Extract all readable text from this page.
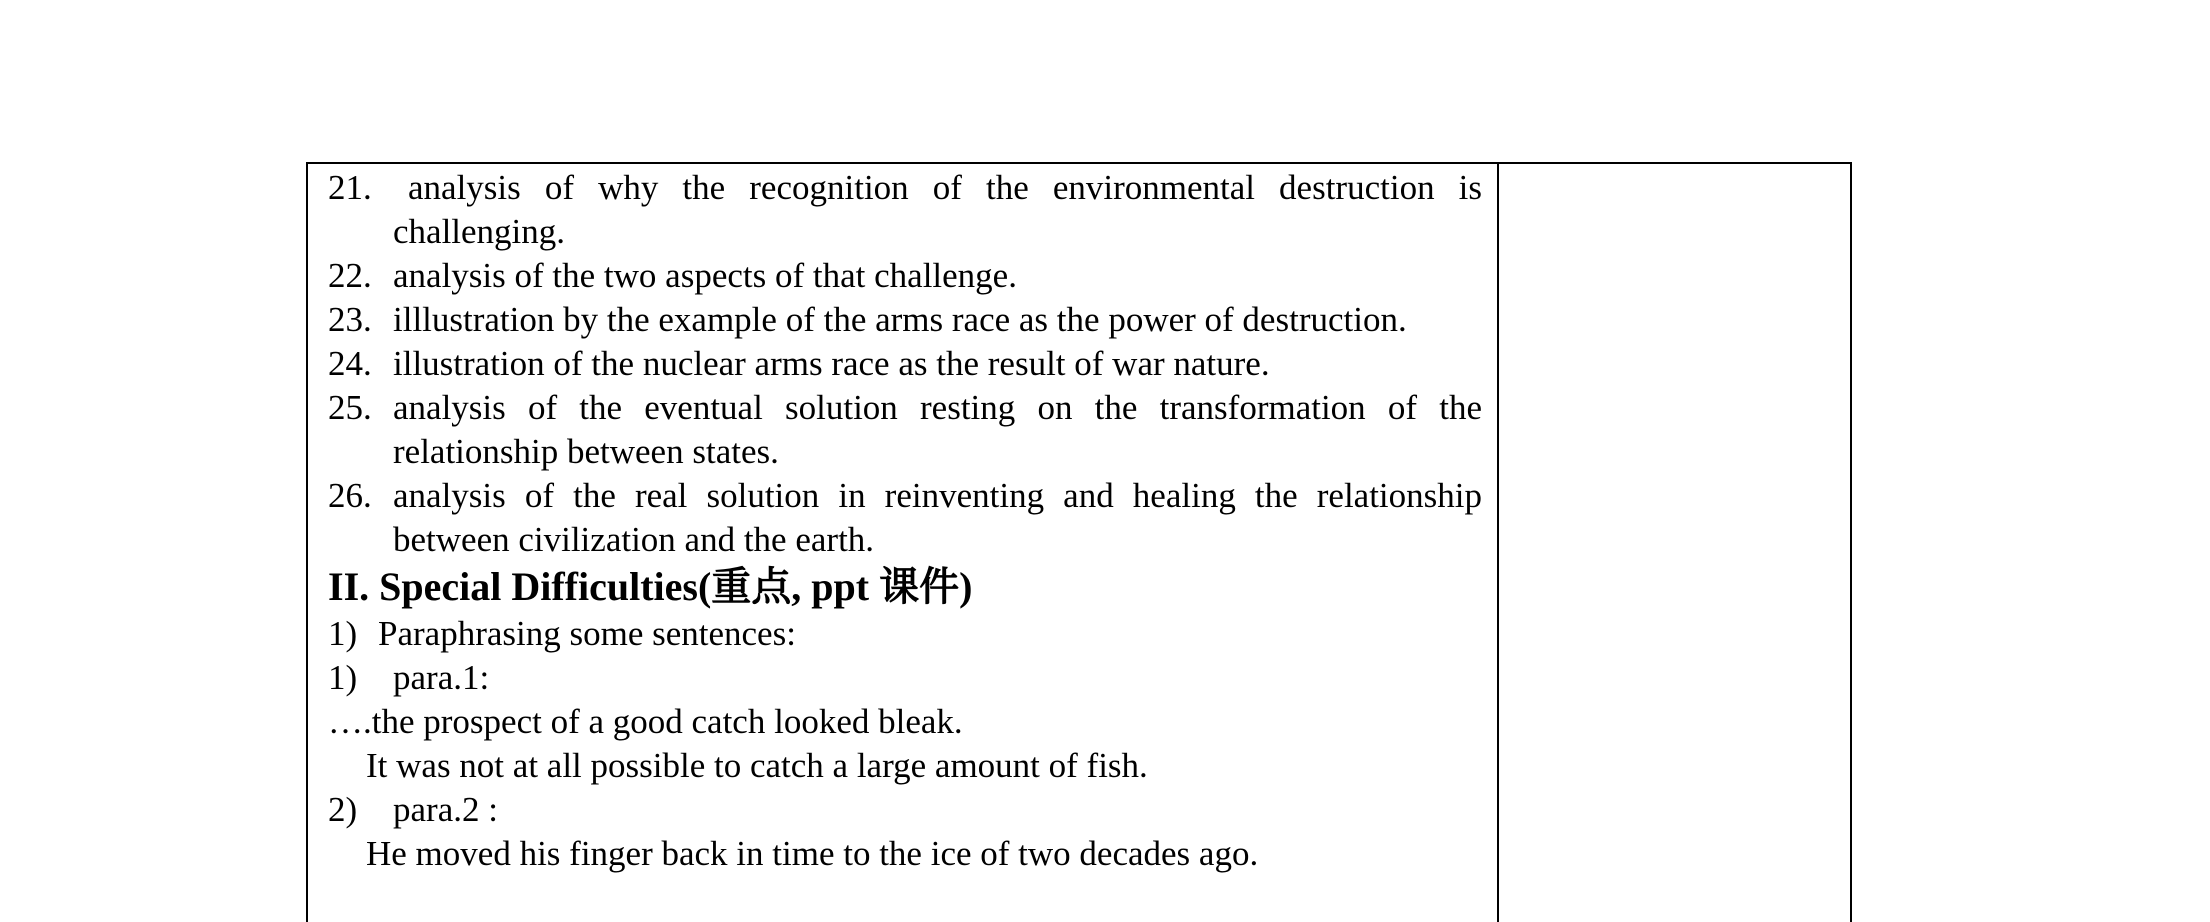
21.	analysis of why the recognition of the environmental destruction is challenging.
22. analysis of the two aspects of that challenge.
23. illlustration by the example of the arms race as the power of destruction.
24. illustration of the nuclear arms race as the result of war nature.
25. analysis of the eventual solution resting on the transformation of the relationship between states.
26. analysis of the real solution in reinventing and healing the relationship between civilization and the earth.
II. Special Difficulties(重点, ppt 课件)
1) Paraphrasing some sentences:
1) para.1:
….the prospect of a good catch looked bleak.
It was not at all possible to catch a large amount of fish.
2) para.2 :
He moved his finger back in time to the ice of two decades ago.
